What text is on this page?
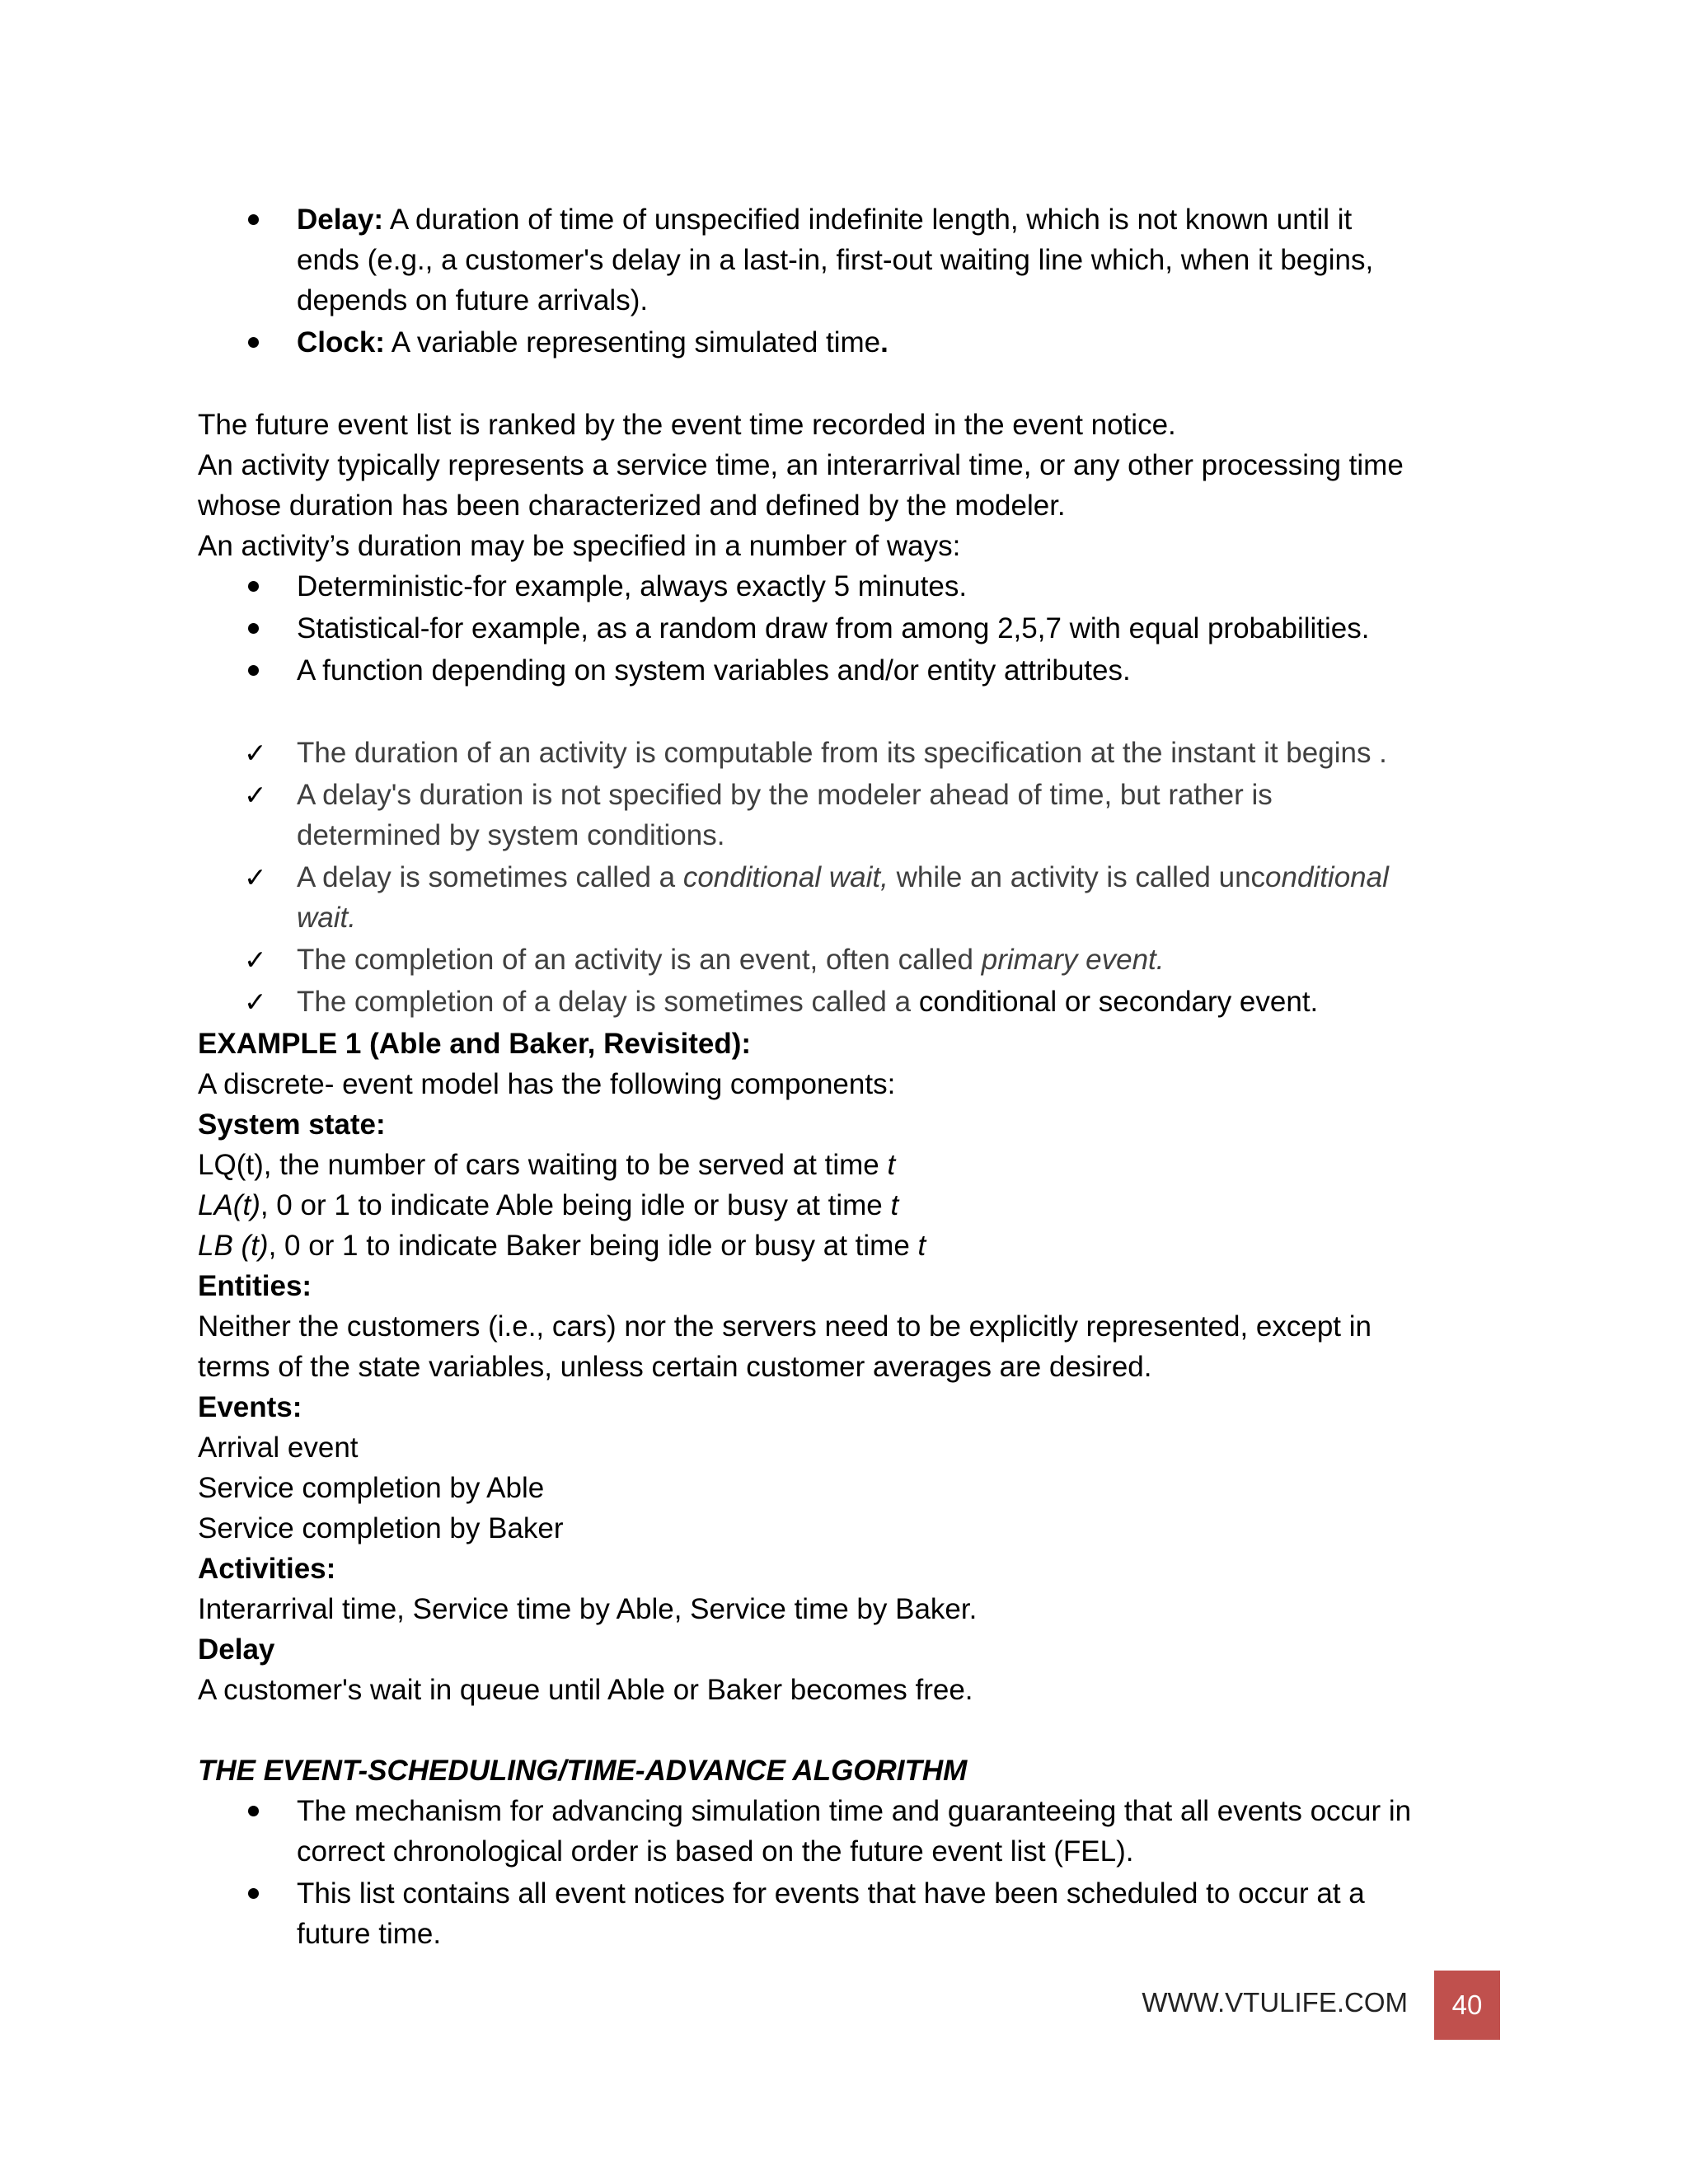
Delay: A duration of time of unspecified indefinite length, which is not known until it
ends (e.g., a customer's delay in a last-in, first-out waiting line which, when it begins,
depends on future arrivals).
Clock: A variable representing simulated time.
The future event list is ranked by the event time recorded in the event notice.
An activity typically represents a service time, an interarrival time, or any other processing time
whose duration has been characterized and defined by the modeler.
An activity’s duration may be specified in a number of ways:
Deterministic-for example, always exactly 5 minutes.
Statistical-for example, as a random draw from among 2,5,7 with equal probabilities.
A function depending on system variables and/or entity attributes.
✓ The duration of an activity is computable from its specification at the instant it begins .
✓ A delay's duration is not specified by the modeler ahead of time, but rather is
determined by system conditions.
✓ A delay is sometimes called a conditional wait, while an activity is called unconditional
wait.
✓ The completion of an activity is an event, often called primary event.
✓ The completion of a delay is sometimes called a conditional or secondary event.
EXAMPLE 1 (Able and Baker, Revisited):
A discrete- event model has the following components:
System state:
LQ(t), the number of cars waiting to be served at time t
LA(t), 0 or 1 to indicate Able being idle or busy at time t
LB (t), 0 or 1 to indicate Baker being idle or busy at time t
Entities:
Neither the customers (i.e., cars) nor the servers need to be explicitly represented, except in
terms of the state variables, unless certain customer averages are desired.
Events:
Arrival event
Service completion by Able
Service completion by Baker
Activities:
Interarrival time, Service time by Able, Service time by Baker.
Delay
A customer's wait in queue until Able or Baker becomes free.
THE EVENT-SCHEDULING/TIME-ADVANCE ALGORITHM
The mechanism for advancing simulation time and guaranteeing that all events occur in
correct chronological order is based on the future event list (FEL).
This list contains all event notices for events that have been scheduled to occur at a
future time.
WWW.VTULIFE.COM	40
